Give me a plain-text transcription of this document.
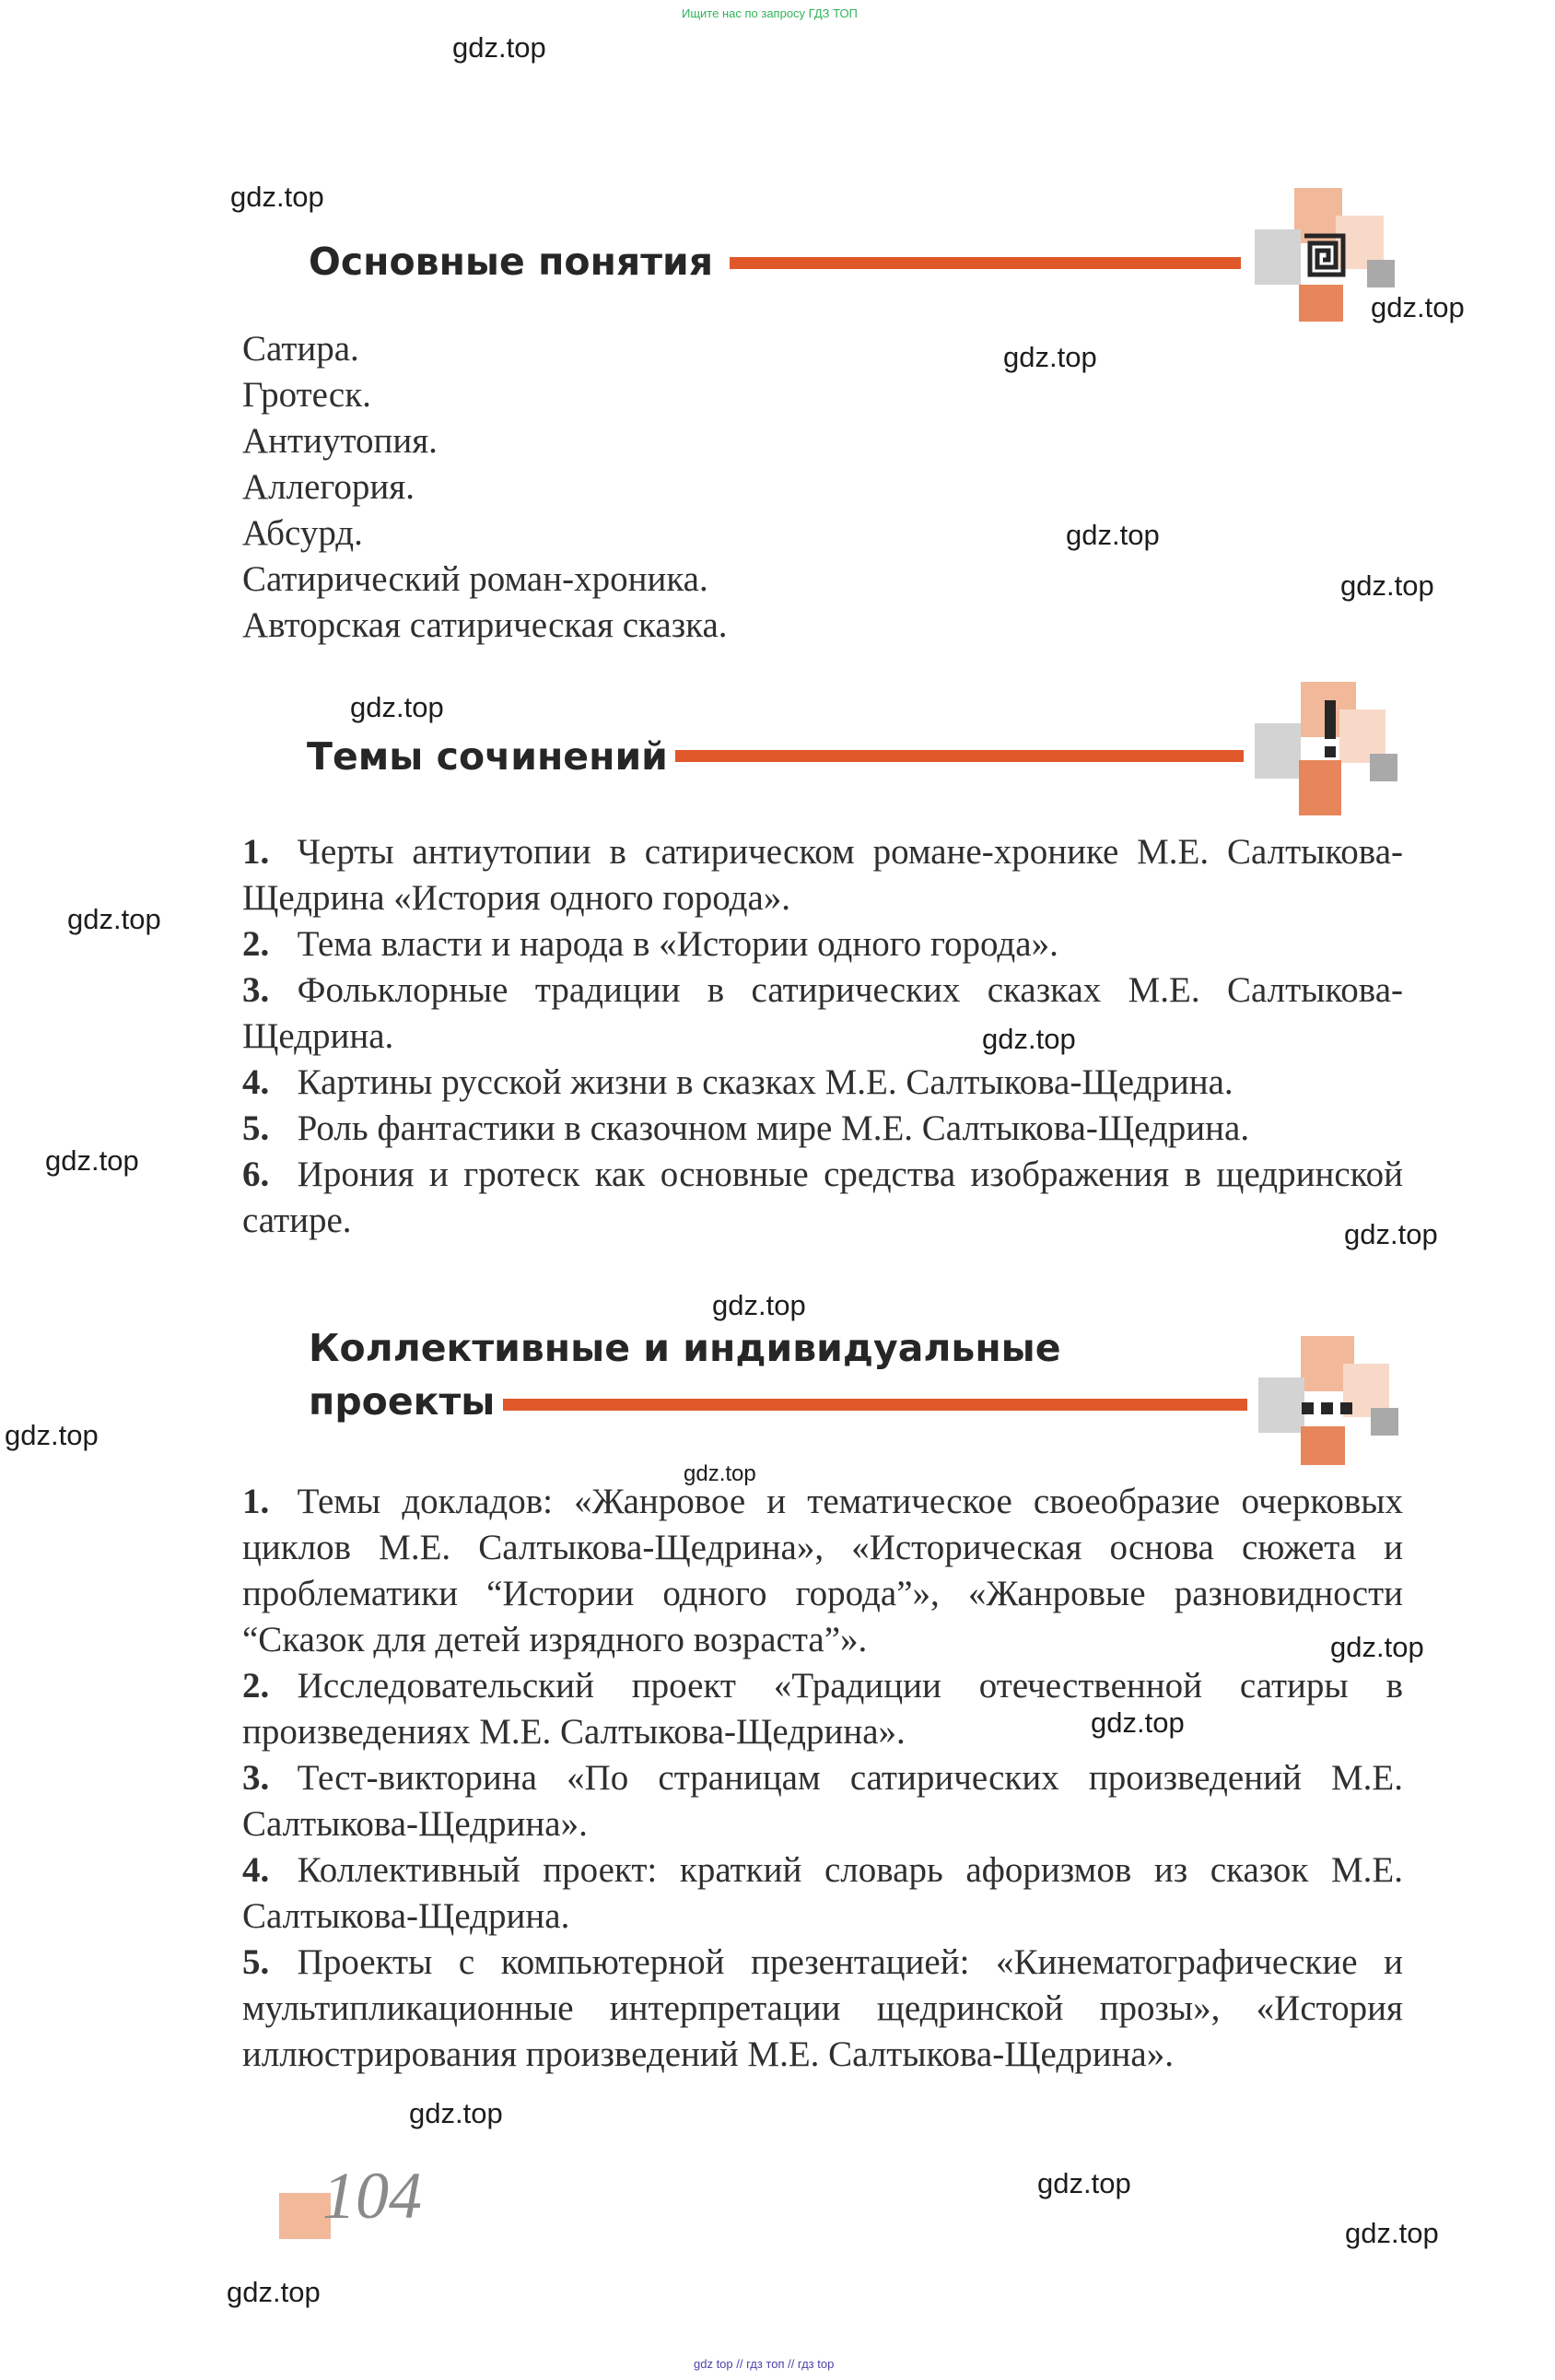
Ищите нас по запросу ГДЗ ТОП
gdz top // гдз топ // гдз top
gdz.top
gdz.top
gdz.top
gdz.top
gdz.top
gdz.top
gdz.top
gdz.top
gdz.top
gdz.top
gdz.top
gdz.top
gdz.top
gdz.top
gdz.top
gdz.top
gdz.top
gdz.top
gdz.top
gdz.top
Основные понятия
Сатира.
Гротеск.
Антиутопия.
Аллегория.
Абсурд.
Сатирический роман-хроника.
Авторская сатирическая сказка.
Темы сочинений

1. Черты антиутопии в сатирическом романе-хронике М.Е. Салтыкова-Щедрина «История одного города».

2. Тема власти и народа в «Истории одного города».

3. Фольклорные традиции в сатирических сказках М.Е. Салтыкова-Щедрина.

4. Картины русской жизни в сказках М.Е. Салтыкова-Щедрина.

5. Роль фантастики в сказочном мире М.Е. Салтыкова-Щедрина.

6. Ирония и гротеск как основные средства изображения в щедринской сатире.

Коллективные и индивидуальные
проекты

1. Темы докладов: «Жанровое и тематическое своеобразие очерковых циклов М.Е. Салтыкова-Щедрина», «Историческая основа сюжета и проблематики “Истории одного города”», «Жанровые разновидности “Сказок для детей изрядного возраста”».

2. Исследовательский проект «Традиции отечественной сатиры в произведениях М.Е. Салтыкова-Щедрина».

3. Тест-викторина «По страницам сатирических произведений М.Е. Салтыкова-Щедрина».

4. Коллективный проект: краткий словарь афоризмов из сказок М.Е. Салтыкова-Щедрина.

5. Проекты с компьютерной презентацией: «Кинематографические и мультипликационные интерпретации щедринской прозы», «История иллюстрирования произведений М.Е. Салтыкова-Щедрина».

104
